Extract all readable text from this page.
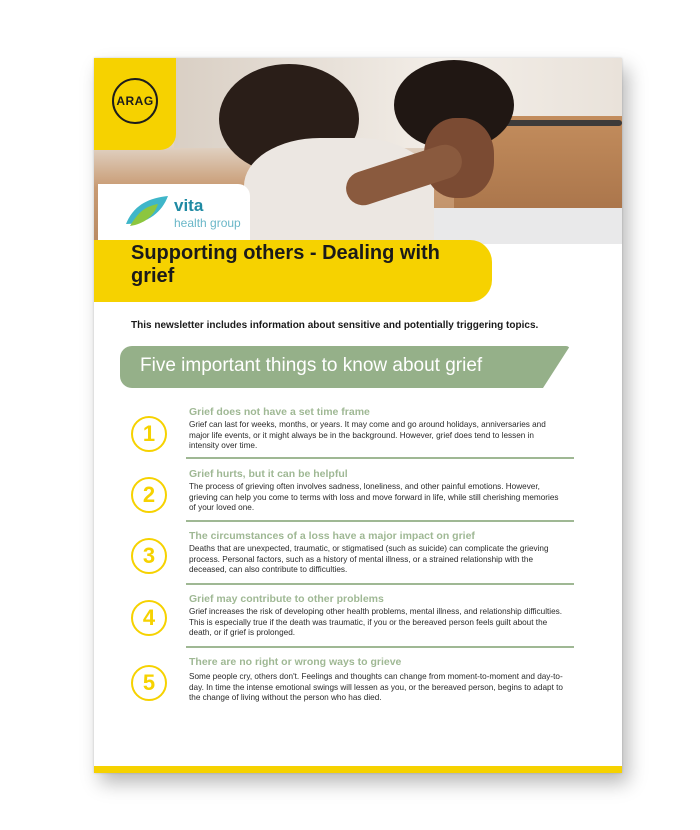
ARAG
vita
health group
Supporting others - Dealing with grief
This newsletter includes information about sensitive and potentially triggering topics.
Five important things to know about grief
1
Grief does not have a set time frame
Grief can last for weeks, months, or years. It may come and go around holidays, anniversaries and major life events, or it might always be in the background. However, grief does tend to lessen in intensity over time.
2
Grief hurts, but it can be helpful
The process of grieving often involves sadness, loneliness, and other painful emotions. However, grieving can help you come to terms with loss and move forward in life, while still cherishing memories of your loved one.
3
The circumstances of a loss have a major impact on grief
Deaths that are unexpected, traumatic, or stigmatised (such as suicide) can complicate the grieving process. Personal factors, such as a history of mental illness, or a strained relationship with the deceased, can also contribute to difficulties.
4
Grief may contribute to other problems
Grief increases the risk of developing other health problems, mental illness, and relationship difficulties. This is especially true if the death was traumatic, if you or the bereaved person feels guilt about the death, or if grief is prolonged.
5
There are no right or wrong ways to grieve
Some people cry, others don't. Feelings and thoughts can change from moment-to-moment and day-to-day. In time the intense emotional swings will lessen as you, or the bereaved person, begins to adapt to the change of living without the person who has died.
